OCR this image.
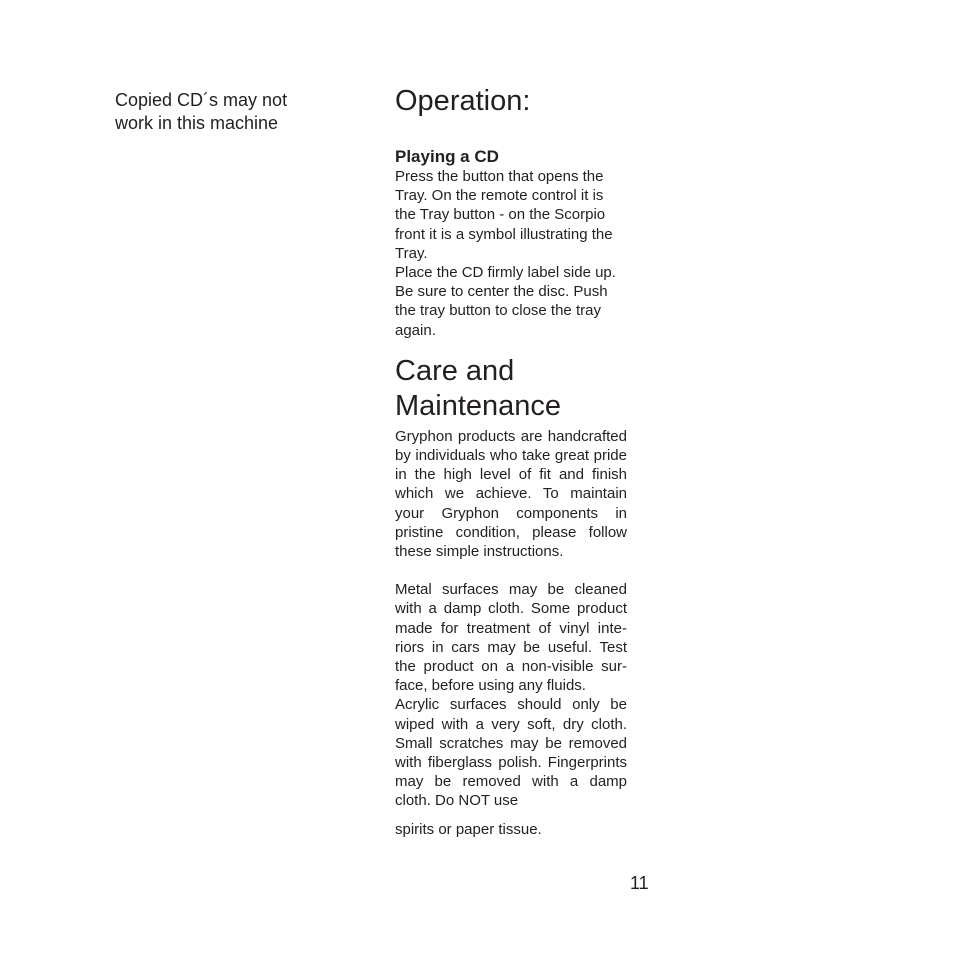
Copied CD´s may not
work in this machine
Operation:
Playing a CD

Press the button that opens the Tray. On the remote control it is the Tray button - on the Scorpio front it is a symbol illustrating the Tray.

Place the CD firmly label side up. Be sure to center the disc. Push the tray button to close the tray again.

Care and
Maintenance

Gryphon products are handcrafted by individuals who take great pride in the high level of fit and finish which we achieve. To maintain your Gryphon components in pristine condition, please follow these simple instructions.

Metal surfaces may be cleaned with a damp cloth. Some product made for treatment of vinyl interiors in cars may be useful. Test the product on a non-visible surface, before using any fluids.

Acrylic surfaces should only be wiped with a very soft, dry cloth. Small scratches may be removed with fiberglass polish. Fingerprints may be removed with a damp cloth. Do NOT use

spirits or paper tissue.

11
